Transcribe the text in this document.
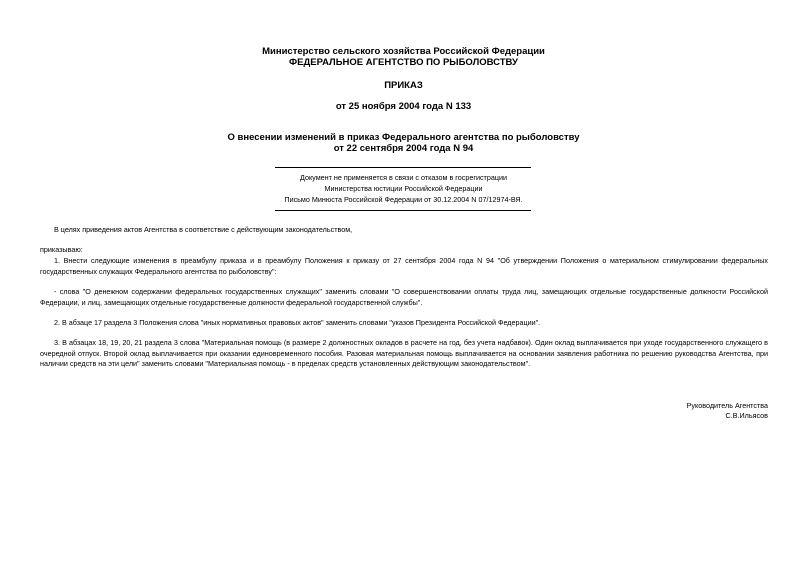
Министерство сельского хозяйства Российской Федерации
ФЕДЕРАЛЬНОЕ АГЕНТСТВО ПО РЫБОЛОВСТВУ
ПРИКАЗ
от 25 ноября 2004 года N 133
О внесении изменений в приказ Федерального агентства по рыболовству
от 22 сентября 2004 года N 94
Документ не применяется в связи с отказом в госрегистрации
Министерства юстиции Российской Федерации
Письмо Минюста Российской Федерации от 30.12.2004 N 07/12974-ВЯ.

В целях приведения актов Агентства в соответствие с действующим законодательством,

приказываю:

1. Внести следующие изменения в преамбулу приказа и в преамбулу Положения к приказу от 27 сентября 2004 года N 94 "Об утверждении Положения о материальном стимулировании федеральных государственных служащих Федерального агентства по рыболовству":

- слова "О денежном содержании федеральных государственных служащих" заменить словами "О совершенствовании оплаты труда лиц, замещающих отдельные государственные должности Российской Федерации, и лиц, замещающих отдельные государственные должности федеральной государственной службы".

2. В абзаце 17 раздела 3 Положения слова "иных нормативных правовых актов" заменить словами "указов Президента Российской Федерации".

3. В абзацах 18, 19, 20, 21 раздела 3 слова "Материальная помощь (в размере 2 должностных окладов в расчете на год, без учета надбавок). Один оклад выплачивается при уходе государственного служащего в очередной отпуск. Второй оклад выплачивается при оказании единовременного пособия. Разовая материальная помощь выплачивается на основании заявления работника по решению руководства Агентства, при наличии средств на эти цели" заменить словами "Материальная помощь - в пределах средств установленных действующим законодательством".

Руководитель Агентства
С.В.Ильясов
